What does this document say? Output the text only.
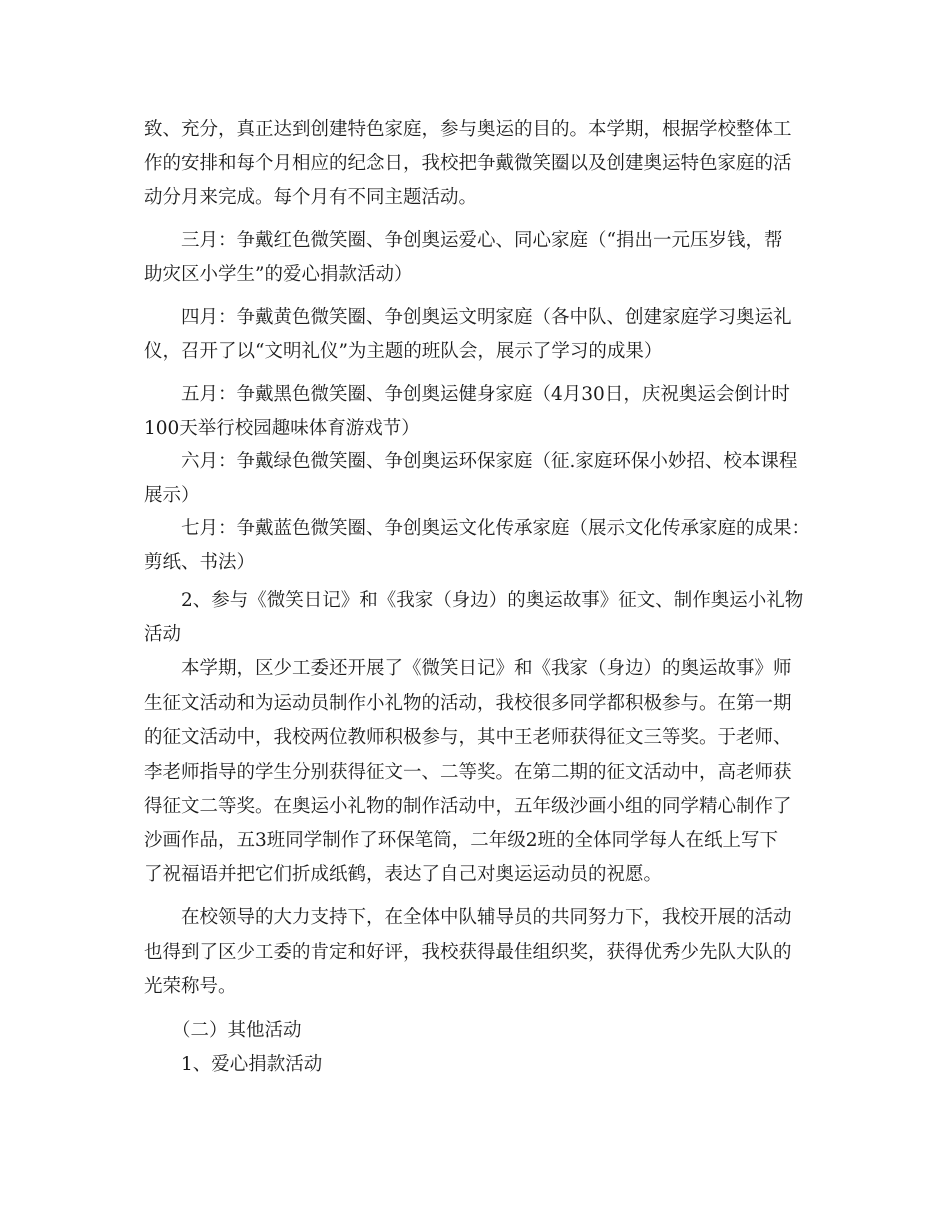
致、充分，真正达到创建特色家庭，参与奥运的目的。本学期，根据学校整体工
作的安排和每个月相应的纪念日，我校把争戴微笑圈以及创建奥运特色家庭的活
动分月来完成。每个月有不同主题活动。
三月：争戴红色微笑圈、争创奥运爱心、同心家庭（“捐出一元压岁钱，帮
助灾区小学生”的爱心捐款活动）
四月：争戴黄色微笑圈、争创奥运文明家庭（各中队、创建家庭学习奥运礼
仪，召开了以“文明礼仪”为主题的班队会，展示了学习的成果）
五月：争戴黑色微笑圈、争创奥运健身家庭（4月30日，庆祝奥运会倒计时
100天举行校园趣味体育游戏节）
六月：争戴绿色微笑圈、争创奥运环保家庭（征.家庭环保小妙招、校本课程
展示）
七月：争戴蓝色微笑圈、争创奥运文化传承家庭（展示文化传承家庭的成果：
剪纸、书法）
2、参与《微笑日记》和《我家（身边）的奥运故事》征文、制作奥运小礼物
活动
本学期，区少工委还开展了《微笑日记》和《我家（身边）的奥运故事》师
生征文活动和为运动员制作小礼物的活动，我校很多同学都积极参与。在第一期
的征文活动中，我校两位教师积极参与，其中王老师获得征文三等奖。于老师、
李老师指导的学生分别获得征文一、二等奖。在第二期的征文活动中，高老师获
得征文二等奖。在奥运小礼物的制作活动中，五年级沙画小组的同学精心制作了
沙画作品，五3班同学制作了环保笔筒，二年级2班的全体同学每人在纸上写下
了祝福语并把它们折成纸鹤，表达了自己对奥运运动员的祝愿。
在校领导的大力支持下，在全体中队辅导员的共同努力下，我校开展的活动
也得到了区少工委的肯定和好评，我校获得最佳组织奖，获得优秀少先队大队的
光荣称号。
（二）其他活动
1、爱心捐款活动
